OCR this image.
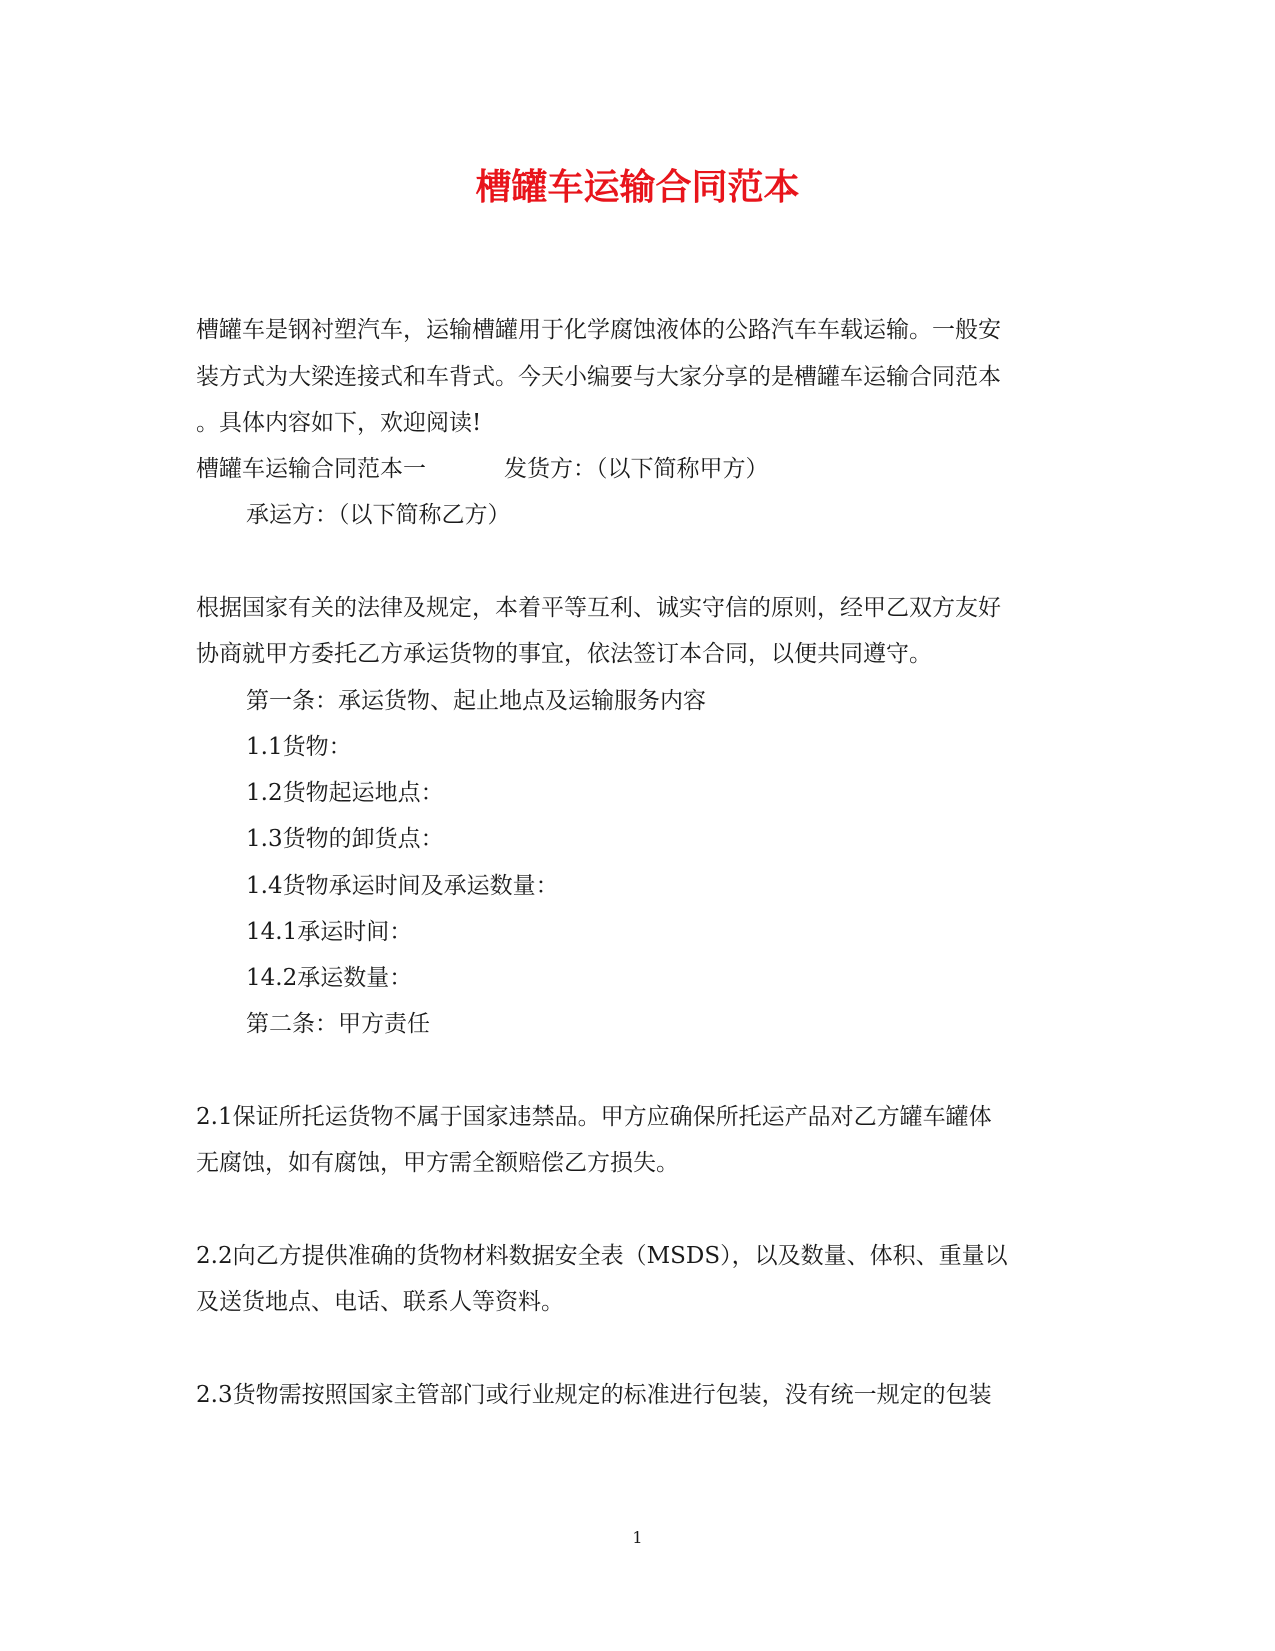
槽罐车运输合同范本
槽罐车是钢衬塑汽车，运输槽罐用于化学腐蚀液体的公路汽车车载运输。一般安
装方式为大梁连接式和车背式。今天小编要与大家分享的是槽罐车运输合同范本
。具体内容如下，欢迎阅读!
槽罐车运输合同范本一	发货方：（以下简称甲方）
承运方：（以下简称乙方）
根据国家有关的法律及规定，本着平等互利、诚实守信的原则，经甲乙双方友好
协商就甲方委托乙方承运货物的事宜，依法签订本合同，以便共同遵守。
第一条：承运货物、起止地点及运输服务内容
1.1货物：
1.2货物起运地点：
1.3货物的卸货点：
1.4货物承运时间及承运数量：
14.1承运时间：
14.2承运数量：
第二条：甲方责任
2.1保证所托运货物不属于国家违禁品。甲方应确保所托运产品对乙方罐车罐体
无腐蚀，如有腐蚀，甲方需全额赔偿乙方损失。
2.2向乙方提供准确的货物材料数据安全表（MSDS），以及数量、体积、重量以
及送货地点、电话、联系人等资料。
2.3货物需按照国家主管部门或行业规定的标准进行包装，没有统一规定的包装
1
